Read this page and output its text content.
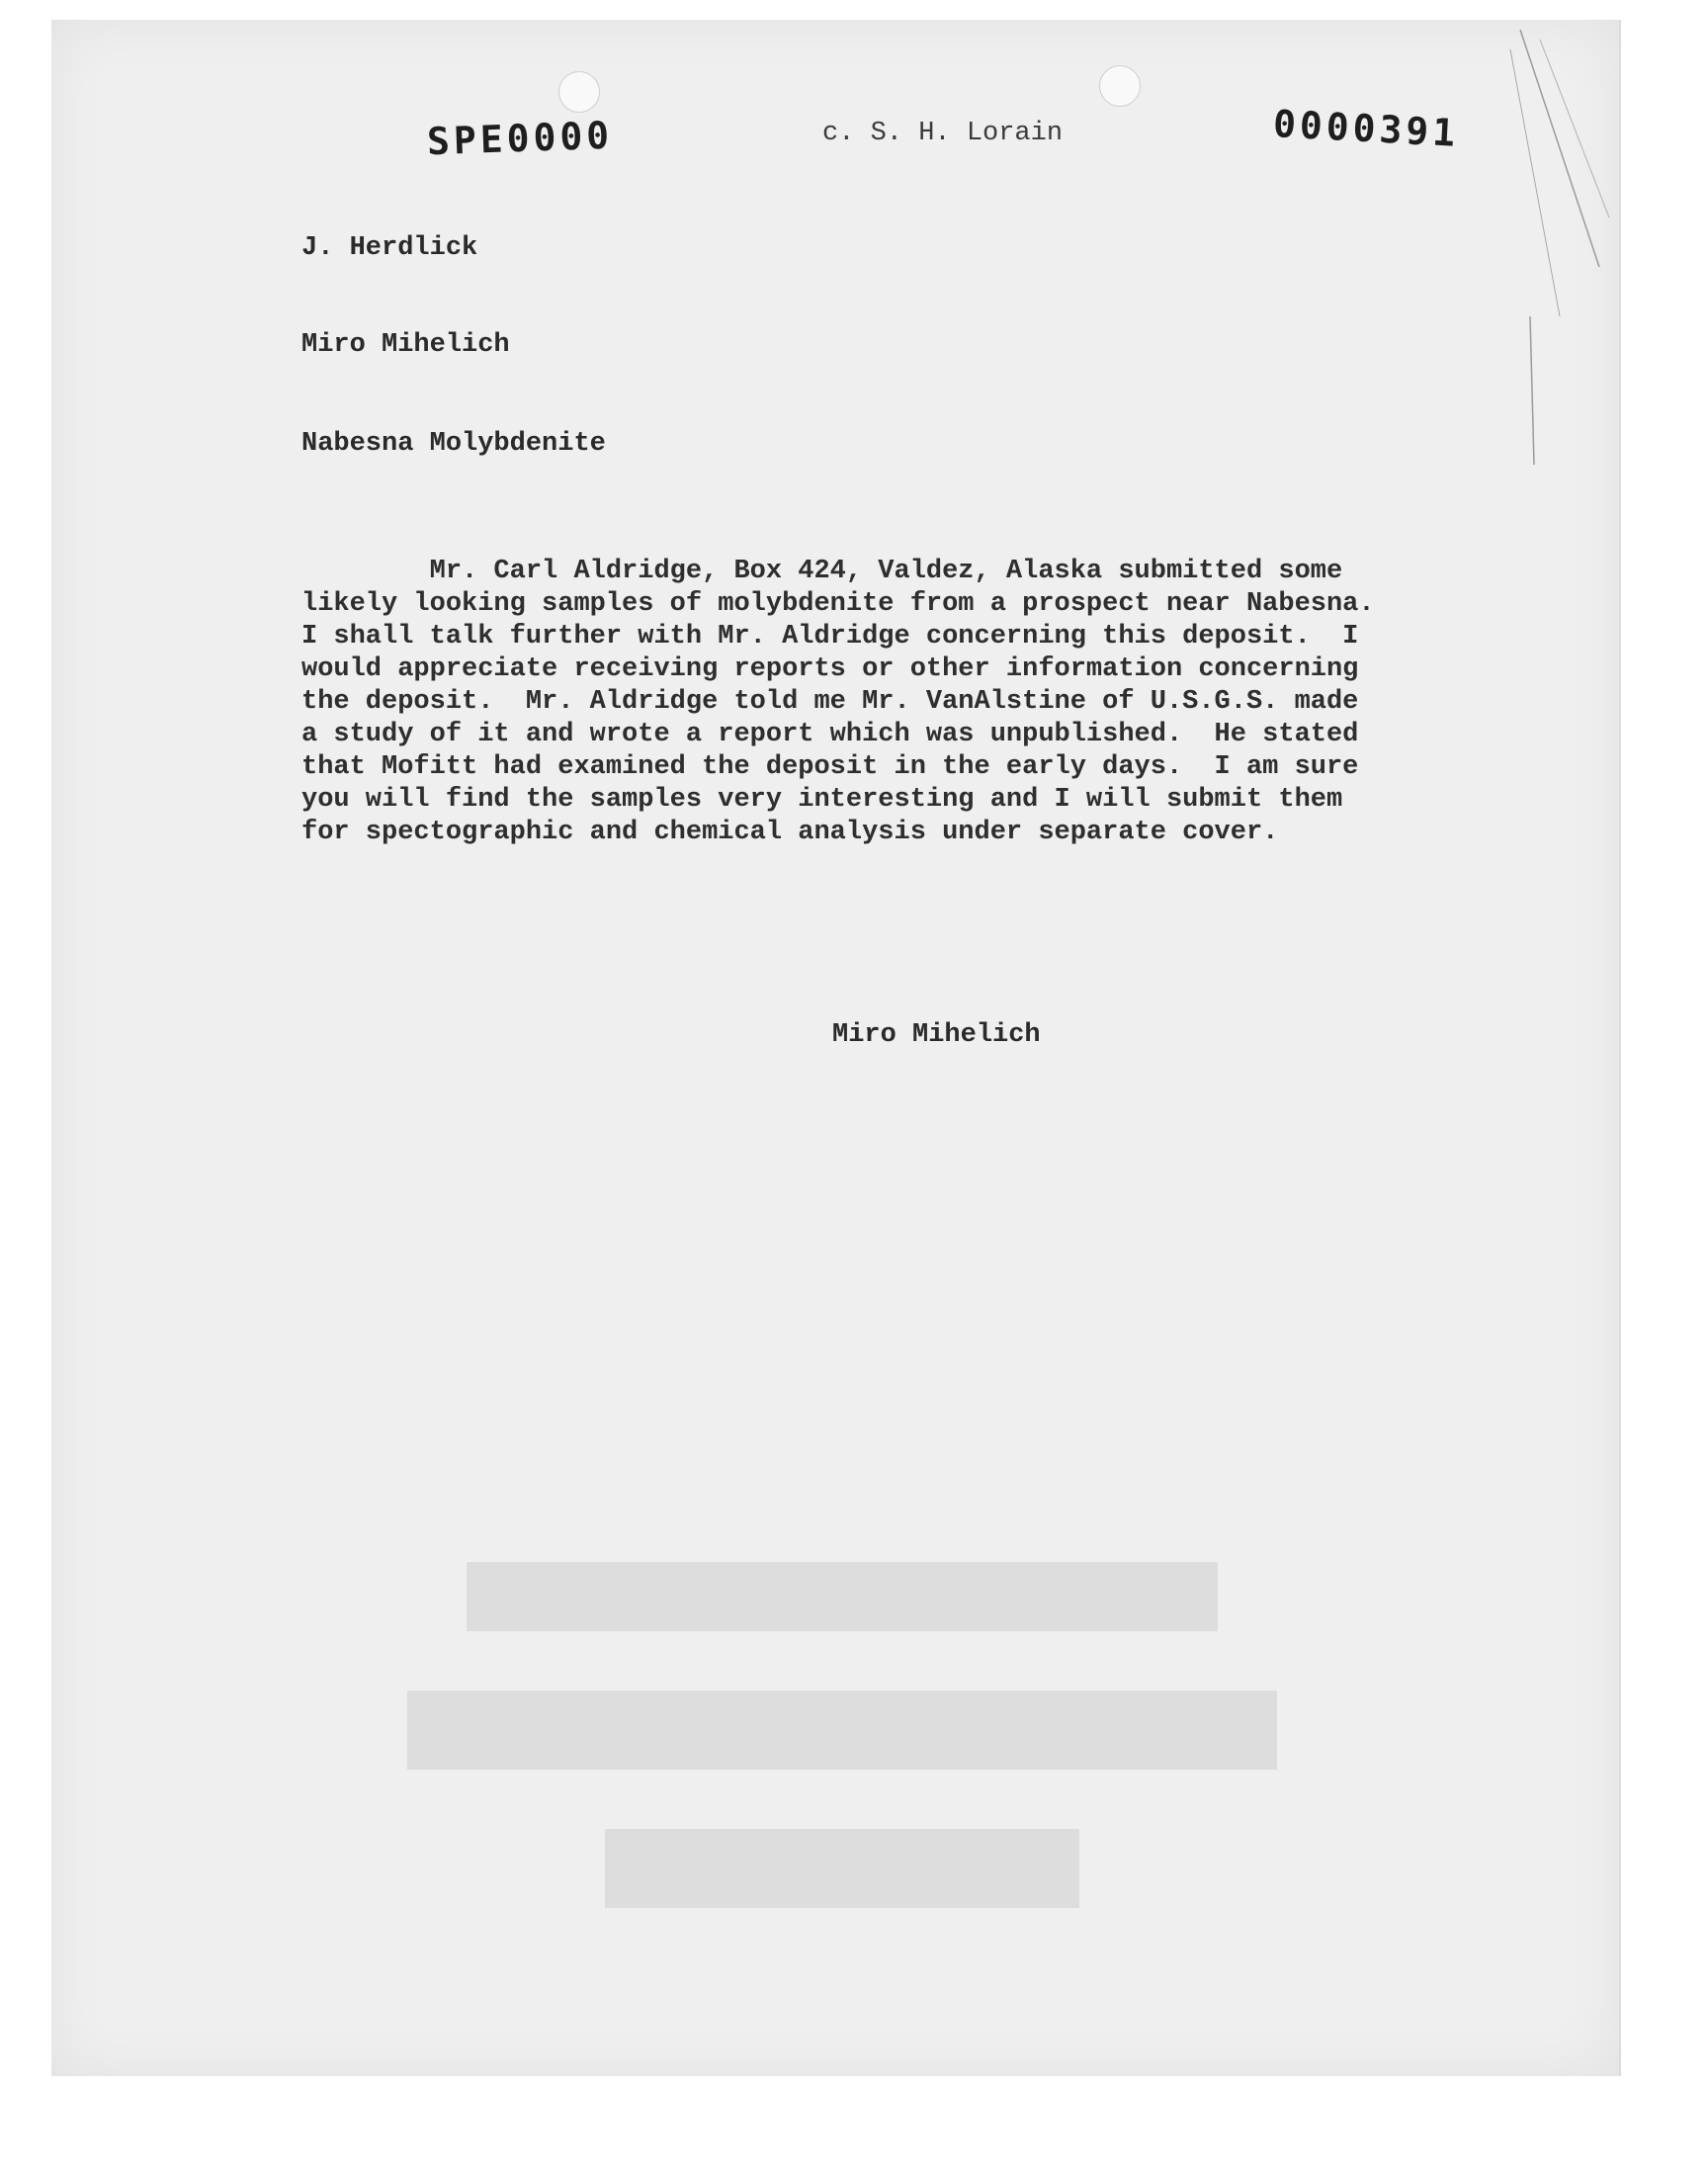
SPE0000	c. S. H. Lorain	0000391
J. Herdlick
Miro Mihelich
Nabesna Molybdenite
Mr. Carl Aldridge, Box 424, Valdez, Alaska submitted some
likely looking samples of molybdenite from a prospect near Nabesna.
I shall talk further with Mr. Aldridge concerning this deposit.  I
would appreciate receiving reports or other information concerning
the deposit.  Mr. Aldridge told me Mr. VanAlstine of U.S.G.S. made
a study of it and wrote a report which was unpublished.  He stated
that Mofitt had examined the deposit in the early days.  I am sure
you will find the samples very interesting and I will submit them
for spectographic and chemical analysis under separate cover.
Miro Mihelich
